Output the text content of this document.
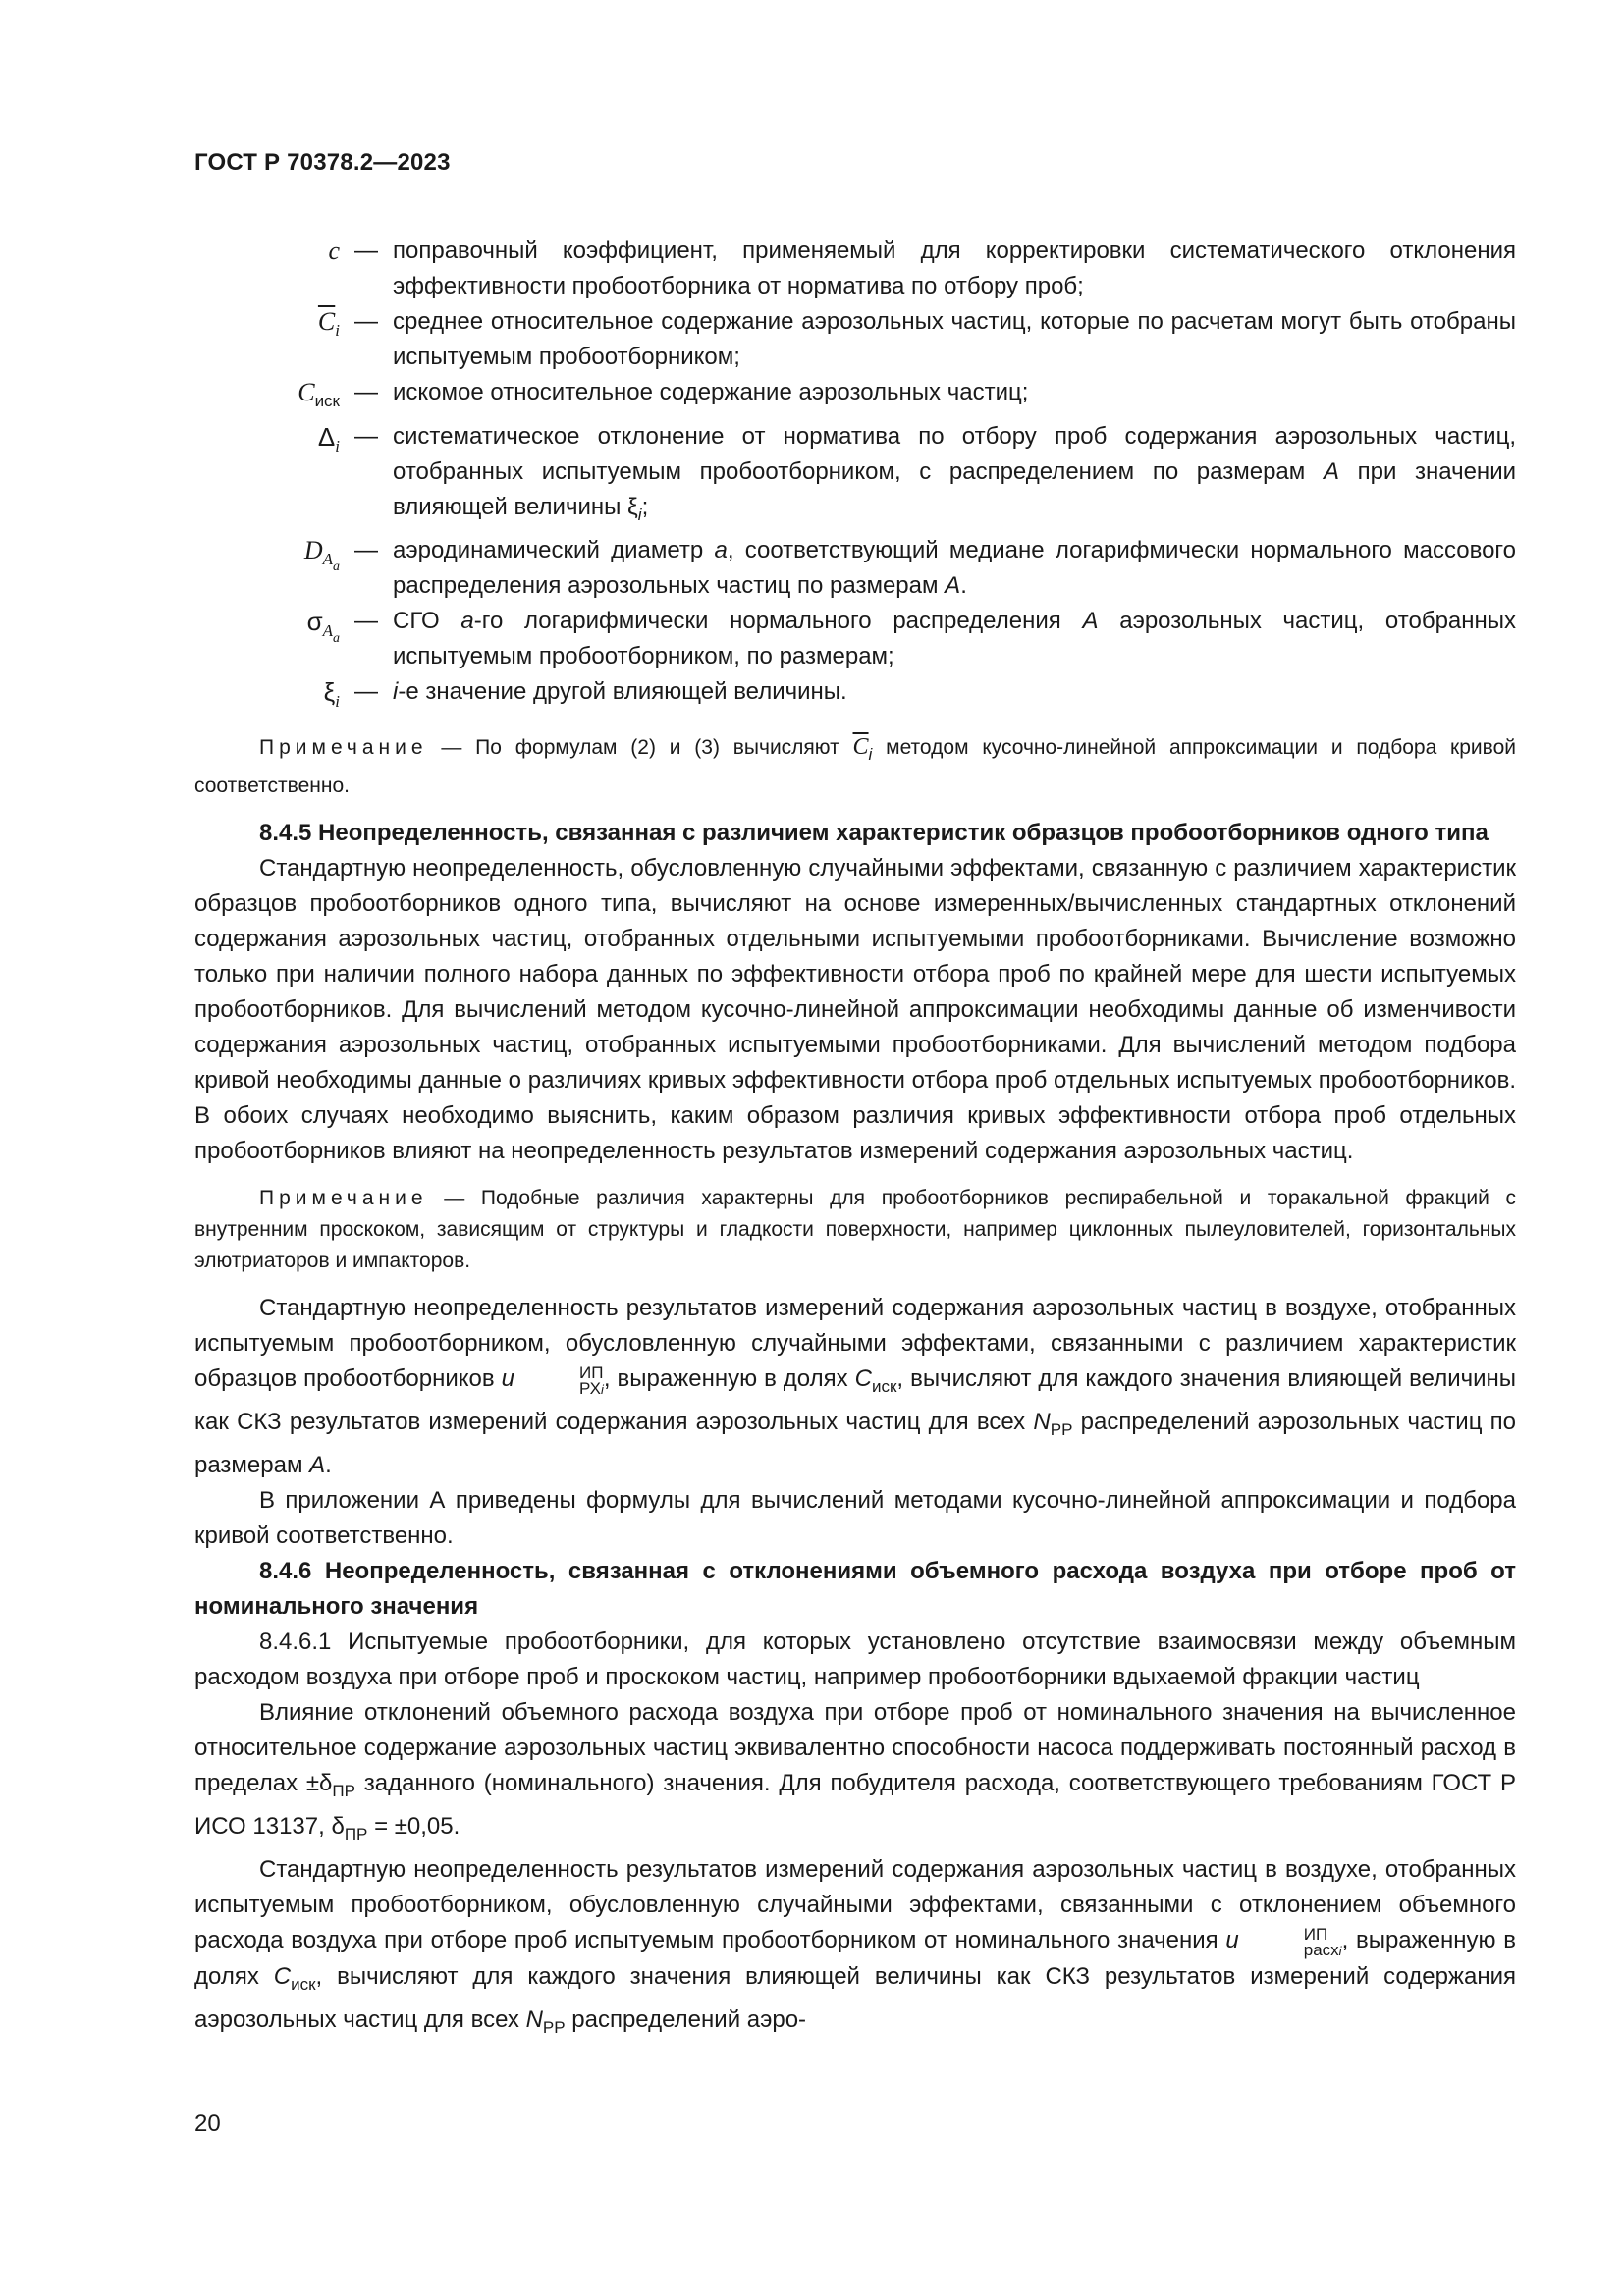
ГОСТ Р 70378.2—2023
c — поправочный коэффициент, применяемый для корректировки систематического отклонения эффективности пробоотборника от норматива по отбору проб;
$\overline{C}_i$ — среднее относительное содержание аэрозольных частиц, которые по расчетам могут быть отобраны испытуемым пробоотборником;
$C_{иск}$ — искомое относительное содержание аэрозольных частиц;
$\Delta_i$ — систематическое отклонение от норматива по отбору проб содержания аэрозольных частиц, отобранных испытуемым пробоотборником, с распределением по размерам A при значении влияющей величины $\xi_i$;
$D_{Aa}$
— аэродинамический диаметр a, соответствующий медиане логарифмически нормального массового распределения аэрозольных частиц по размерам A.
$\sigma_{Aa}$
— СГО a-го логарифмически нормального распределения A аэрозольных частиц, отобранных испытуемым пробоотборником, по размерам;
$\xi_i$ — i-е значение другой влияющей величины.

Примечание — По формулам (2) и (3) вычисляют $\overline{C}_i$ методом кусочно-линейной аппроксимации и подбора кривой соответственно.

8.4.5 Неопределенность, связанная с различием характеристик образцов пробоотборников одного типа

Стандартную неопределенность, обусловленную случайными эффектами, связанную с различием характеристик образцов пробоотборников одного типа, вычисляют на основе измеренных/вычисленных стандартных отклонений содержания аэрозольных частиц, отобранных отдельными испытуемыми пробоотборниками. Вычисление возможно только при наличии полного набора данных по эффективности отбора проб по крайней мере для шести испытуемых пробоотборников. Для вычислений методом кусочно-линейной аппроксимации необходимы данные об изменчивости содержания аэрозольных частиц, отобранных испытуемыми пробоотборниками. Для вычислений методом подбора кривой необходимы данные о различиях кривых эффективности отбора проб отдельных испытуемых пробоотборников. В обоих случаях необходимо выяснить, каким образом различия кривых эффективности отбора проб отдельных пробоотборников влияют на неопределенность результатов измерений содержания аэрозольных частиц.

Примечание — Подобные различия характерны для пробоотборников респирабельной и торакальной фракций с внутренним проскоком, зависящим от структуры и гладкости поверхности, например циклонных пылеуловителей, горизонтальных элютриаторов и импакторов.

Стандартную неопределенность результатов измерений содержания аэрозольных частиц в воздухе, отобранных испытуемым пробоотборником, обусловленную случайными эффектами, связанными с различием характеристик образцов пробоотборников u	ИП
РХi , выраженную в долях $C_{иск}$, вычисляют для каждого значения влияющей величины как СКЗ результатов измерений содержания аэрозольных частиц для всех $N_{PP}$ распределений аэрозольных частиц по размерам A.

В приложении А приведены формулы для вычислений методами кусочно-линейной аппроксимации и подбора кривой соответственно.

8.4.6 Неопределенность, связанная с отклонениями объемного расхода воздуха при отборе проб от номинального значения

8.4.6.1 Испытуемые пробоотборники, для которых установлено отсутствие взаимосвязи между объемным расходом воздуха при отборе проб и проскоком частиц, например пробоотборники вдыхаемой фракции частиц

Влияние отклонений объемного расхода воздуха при отборе проб от номинального значения на вычисленное относительное содержание аэрозольных частиц эквивалентно способности насоса поддерживать постоянный расход в пределах $\pm\delta_{ПР}$ заданного (номинального) значения. Для побудителя расхода, соответствующего требованиям ГОСТ Р ИСО 13137, $\delta_{ПР} = \pm 0,05$.

Стандартную неопределенность результатов измерений содержания аэрозольных частиц в воздухе, отобранных испытуемым пробоотборником, обусловленную случайными эффектами, связанными с отклонением объемного расхода воздуха при отборе проб испытуемым пробоотборником от номинального значения u	ИП
расхi , выраженную в долях $C_{иск}$, вычисляют для каждого значения влияющей величины как СКЗ результатов измерений содержания аэрозольных частиц для всех $N_{PP}$ распределений аэро-

20
